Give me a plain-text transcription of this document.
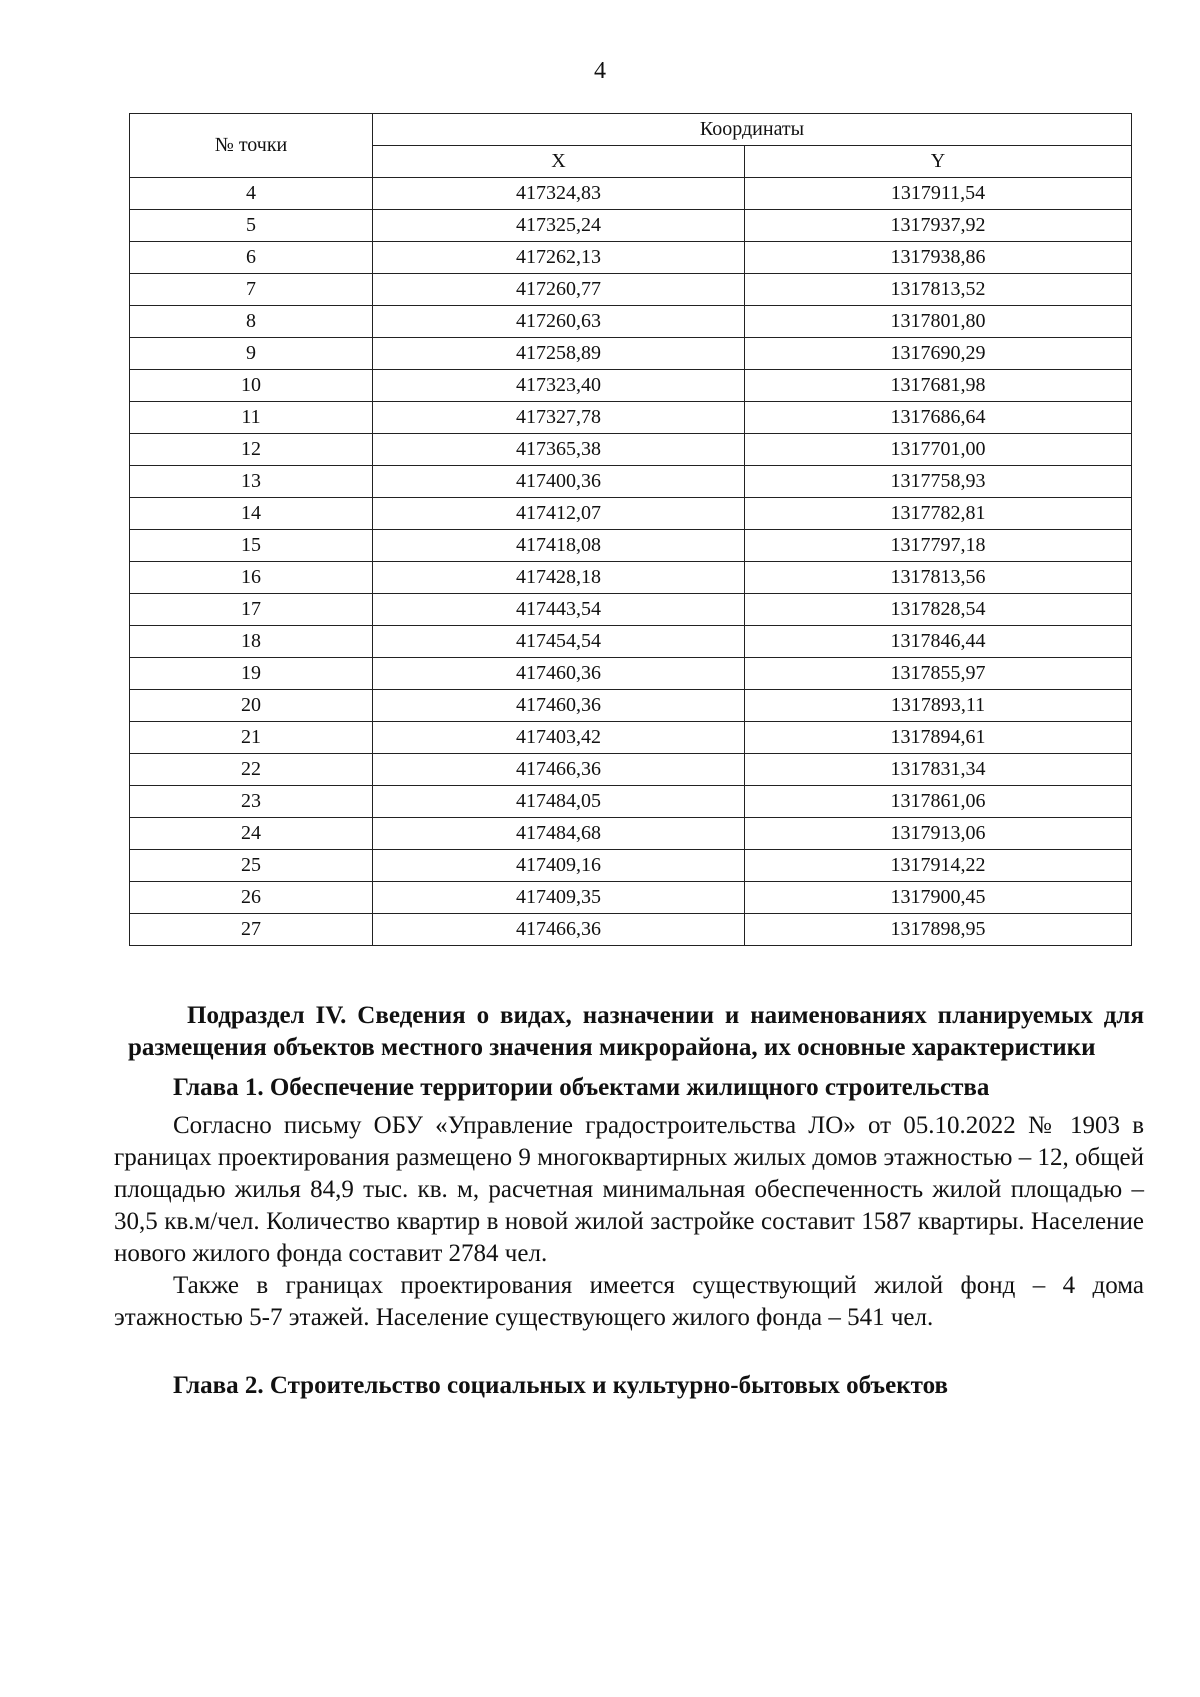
4
№ точки	Координаты	
	X	Y
4	417324,83	1317911,54
5	417325,24	1317937,92
6	417262,13	1317938,86
7	417260,77	1317813,52
8	417260,63	1317801,80
9	417258,89	1317690,29
10	417323,40	1317681,98
11	417327,78	1317686,64
12	417365,38	1317701,00
13	417400,36	1317758,93
14	417412,07	1317782,81
15	417418,08	1317797,18
16	417428,18	1317813,56
17	417443,54	1317828,54
18	417454,54	1317846,44
19	417460,36	1317855,97
20	417460,36	1317893,11
21	417403,42	1317894,61
22	417466,36	1317831,34
23	417484,05	1317861,06
24	417484,68	1317913,06
25	417409,16	1317914,22
26	417409,35	1317900,45
27	417466,36	1317898,95

Подраздел IV. Сведения о видах, назначении и наименованиях планируемых для размещения объектов местного значения микрорайона, их основные характеристики

Глава 1. Обеспечение территории объектами жилищного строительства

Согласно письму ОБУ «Управление градостроительства ЛО» от 05.10.2022 № 1903 в границах проектирования размещено 9 многоквартирных жилых домов этажностью – 12, общей площадью жилья 84,9 тыс. кв. м, расчетная минимальная обеспеченность жилой площадью – 30,5 кв.м/чел. Количество квартир в новой жилой застройке составит 1587 квартиры. Население нового жилого фонда составит 2784 чел.

Также в границах проектирования имеется существующий жилой фонд – 4 дома этажностью 5-7 этажей. Население существующего жилого фонда – 541 чел.

Глава 2. Строительство социальных и культурно-бытовых объектов
